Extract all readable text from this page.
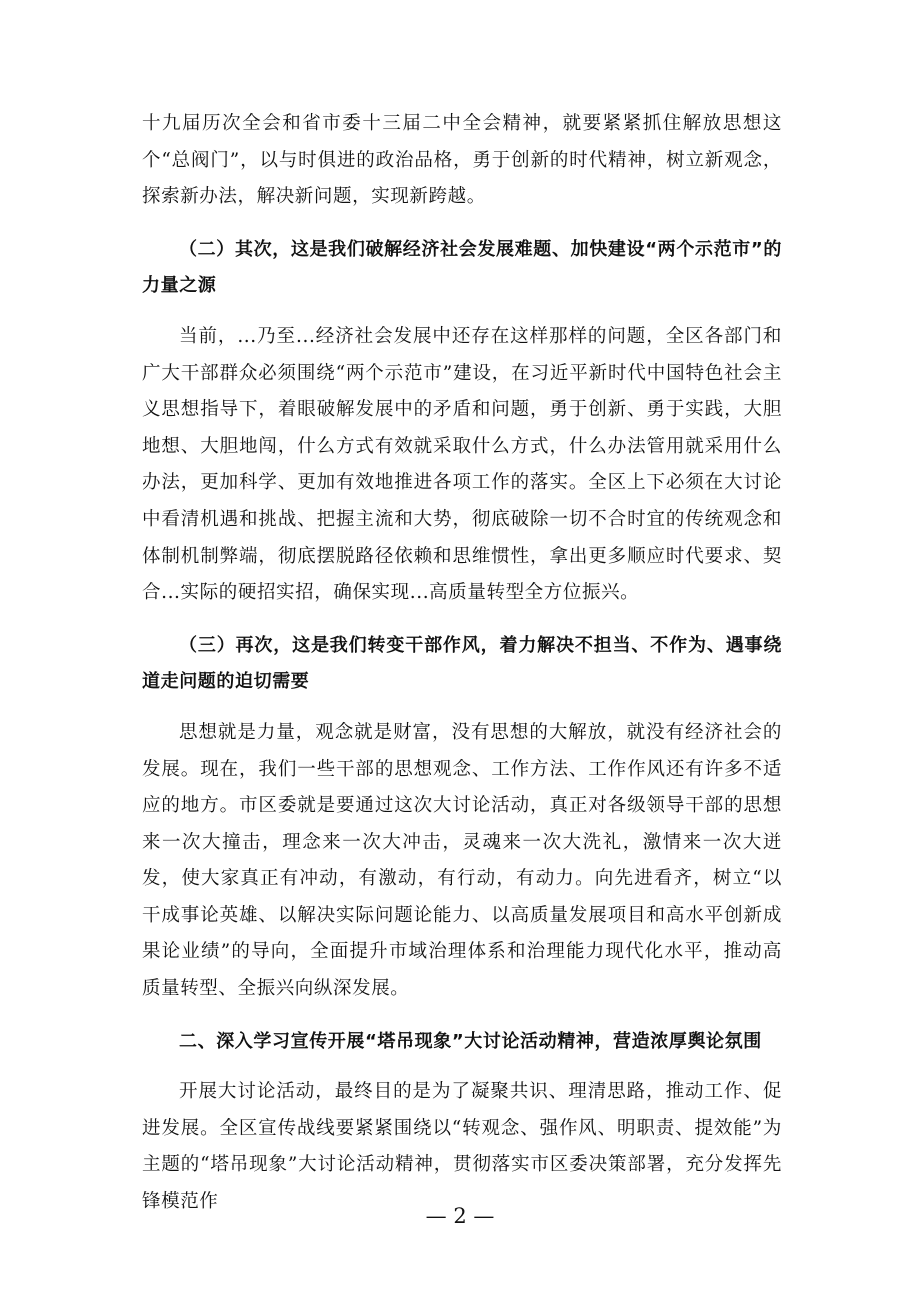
十九届历次全会和省市委十三届二中全会精神，就要紧紧抓住解放思想这个“总阀门”，以与时俱进的政治品格，勇于创新的时代精神，树立新观念，探索新办法，解决新问题，实现新跨越。

（二）其次，这是我们破解经济社会发展难题、加快建设“两个示范市”的力量之源

当前，...乃至...经济社会发展中还存在这样那样的问题，全区各部门和广大干部群众必须围绕“两个示范市”建设，在习近平新时代中国特色社会主义思想指导下，着眼破解发展中的矛盾和问题，勇于创新、勇于实践，大胆地想、大胆地闯，什么方式有效就采取什么方式，什么办法管用就采用什么办法，更加科学、更加有效地推进各项工作的落实。全区上下必须在大讨论中看清机遇和挑战、把握主流和大势，彻底破除一切不合时宜的传统观念和体制机制弊端，彻底摆脱路径依赖和思维惯性，拿出更多顺应时代要求、契合...实际的硬招实招，确保实现...高质量转型全方位振兴。

（三）再次，这是我们转变干部作风，着力解决不担当、不作为、遇事绕道走问题的迫切需要

思想就是力量，观念就是财富，没有思想的大解放，就没有经济社会的发展。现在，我们一些干部的思想观念、工作方法、工作作风还有许多不适应的地方。市区委就是要通过这次大讨论活动，真正对各级领导干部的思想来一次大撞击，理念来一次大冲击，灵魂来一次大洗礼，激情来一次大迸发，使大家真正有冲动，有激动，有行动，有动力。向先进看齐，树立“以干成事论英雄、以解决实际问题论能力、以高质量发展项目和高水平创新成果论业绩”的导向，全面提升市域治理体系和治理能力现代化水平，推动高质量转型、全振兴向纵深发展。

二、深入学习宣传开展“塔吊现象”大讨论活动精神，营造浓厚舆论氛围

开展大讨论活动，最终目的是为了凝聚共识、理清思路，推动工作、促进发展。全区宣传战线要紧紧围绕以“转观念、强作风、明职责、提效能”为主题的“塔吊现象”大讨论活动精神，贯彻落实市区委决策部署，充分发挥先锋模范作

— 2 —
